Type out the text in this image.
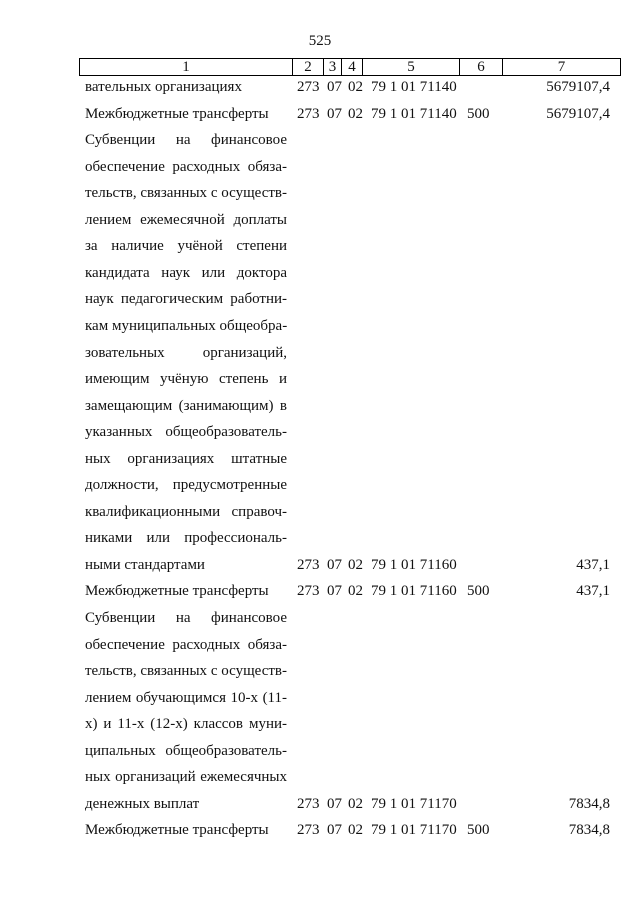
525
1	2	3	4	5	6	7
вательных организациях	273 07 02 79 1 01 71140	5679107,4
Межбюджетные трансферты	273 07 02 79 1 01 71140 500	5679107,4
Субвенции на финансовое
обеспечение расходных обяза-
тельств, связанных с осуществ-
лением ежемесячной доплаты
за наличие учёной степени
кандидата наук или доктора
наук педагогическим работни-
кам муниципальных общеобра-
зовательных организаций,
имеющим учёную степень и
замещающим (занимающим) в
указанных общеобразователь-
ных организациях штатные
должности, предусмотренные
квалификационными справоч-
никами или профессиональ-
ными стандартами	273 07 02 79 1 01 71160	437,1
Межбюджетные трансферты	273 07 02 79 1 01 71160 500	437,1
Субвенции на финансовое
обеспечение расходных обяза-
тельств, связанных с осуществ-
лением обучающимся 10-х (11-
х) и 11-х (12-х) классов муни-
ципальных общеобразователь-
ных организаций ежемесячных
денежных выплат	273 07 02 79 1 01 71170	7834,8
Межбюджетные трансферты	273 07 02 79 1 01 71170 500	7834,8
